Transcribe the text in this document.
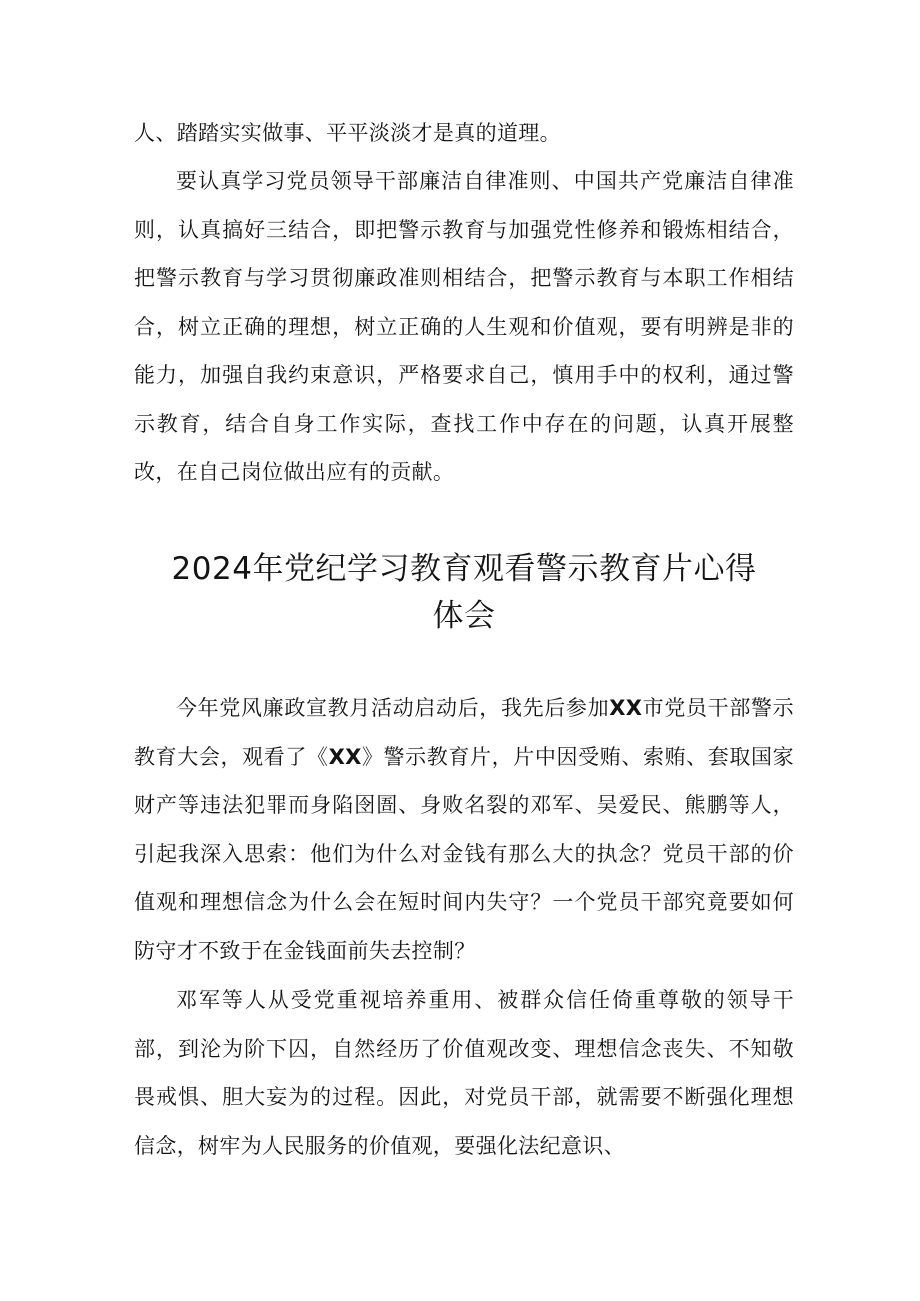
人、踏踏实实做事、平平淡淡才是真的道理。

要认真学习党员领导干部廉洁自律准则、中国共产党廉洁自律准则，认真搞好三结合，即把警示教育与加强党性修养和锻炼相结合，把警示教育与学习贯彻廉政准则相结合，把警示教育与本职工作相结合，树立正确的理想，树立正确的人生观和价值观，要有明辨是非的能力，加强自我约束意识，严格要求自己，慎用手中的权利，通过警示教育，结合自身工作实际，查找工作中存在的问题，认真开展整改，在自己岗位做出应有的贡献。

2024年党纪学习教育观看警示教育片心得
体会

今年党风廉政宣教月活动启动后，我先后参加XX市党员干部警示教育大会，观看了《XX》警示教育片，片中因受贿、索贿、套取国家财产等违法犯罪而身陷囹圄、身败名裂的邓军、吴爱民、熊鹏等人，引起我深入思索：他们为什么对金钱有那么大的执念？党员干部的价值观和理想信念为什么会在短时间内失守？一个党员干部究竟要如何防守才不致于在金钱面前失去控制？

邓军等人从受党重视培养重用、被群众信任倚重尊敬的领导干部，到沦为阶下囚，自然经历了价值观改变、理想信念丧失、不知敬畏戒惧、胆大妄为的过程。因此，对党员干部，就需要不断强化理想信念，树牢为人民服务的价值观，要强化法纪意识、
